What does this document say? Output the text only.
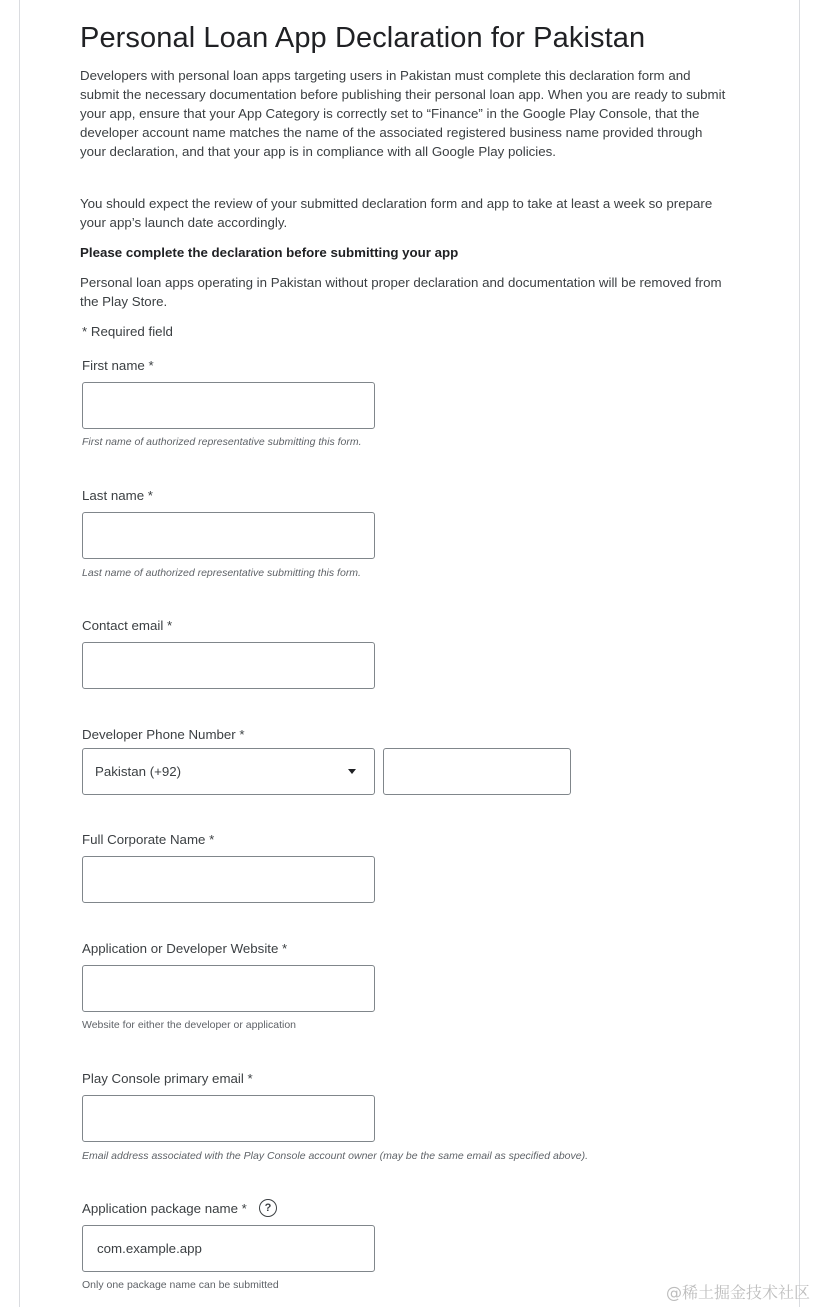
Personal Loan App Declaration for Pakistan
Developers with personal loan apps targeting users in Pakistan must complete this declaration form and
submit the necessary documentation before publishing their personal loan app. When you are ready to submit
your app, ensure that your App Category is correctly set to “Finance” in the Google Play Console, that the
developer account name matches the name of the associated registered business name provided through
your declaration, and that your app is in compliance with all Google Play policies.
You should expect the review of your submitted declaration form and app to take at least a week so prepare
your app’s launch date accordingly.
Please complete the declaration before submitting your app
Personal loan apps operating in Pakistan without proper declaration and documentation will be removed from
the Play Store.
* Required field
First name *
First name of authorized representative submitting this form.
Last name *
Last name of authorized representative submitting this form.
Contact email *
Developer Phone Number *
Pakistan (+92)
Full Corporate Name *
Application or Developer Website *
Website for either the developer or application
Play Console primary email *
Email address associated with the Play Console account owner (may be the same email as specified above).
Application package name *	?
com.example.app
Only one package name can be submitted	@稀土掘金技术社区
